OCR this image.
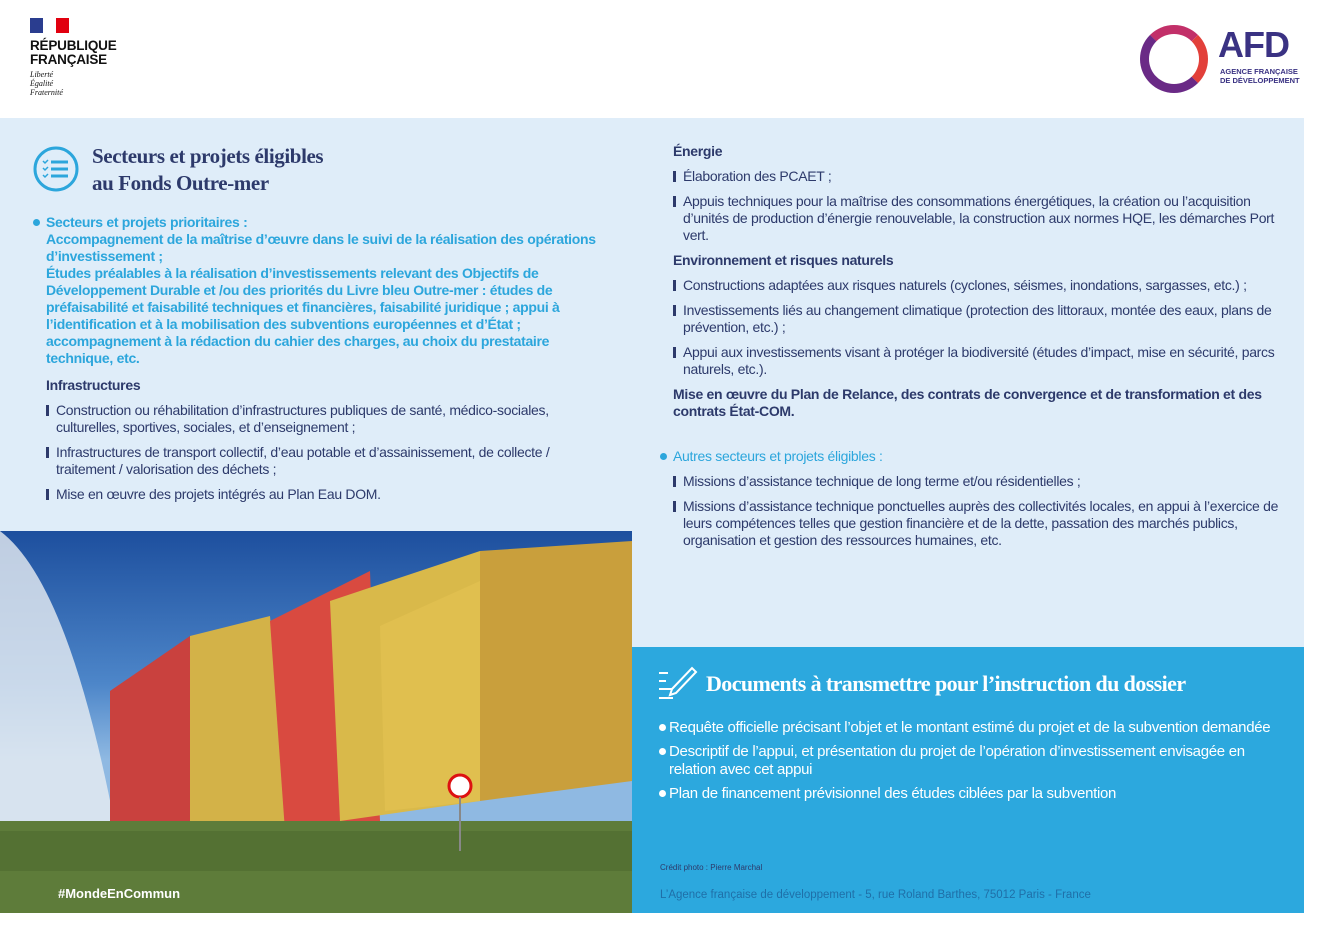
RÉPUBLIQUE
FRANÇAISE
Liberté
Égalité
Fraternité
AFD
AGENCE FRANÇAISE
DE DÉVELOPPEMENT
Secteurs et projets éligibles
au Fonds Outre-mer

Secteurs et projets prioritaires :

Accompagnement de la maîtrise d’œuvre dans le suivi de la réalisation des opérations d’investissement ;

Études préalables à la réalisation d’investissements relevant des Objectifs de Développement Durable et /ou des priorités du Livre bleu Outre-mer : études de préfaisabilité et faisabilité techniques et financières, faisabilité juridique ; appui à l’identification et à la mobilisation des subventions européennes et d’État ; accompagnement à la rédaction du cahier des charges, au choix du prestataire technique, etc.

Infrastructures

Construction ou réhabilitation d’infrastructures publiques de santé, médico-sociales, culturelles, sportives, sociales, et d’enseignement ;

Infrastructures de transport collectif, d’eau potable et d’assainissement, de collecte / traitement / valorisation des déchets ;

Mise en œuvre des projets intégrés au Plan Eau DOM.

#MondeEnCommun

Énergie

Élaboration des PCAET ;

Appuis techniques pour la maîtrise des consommations énergétiques, la création ou l’acquisition d’unités de production d’énergie renouvelable, la construction aux normes HQE, les démarches Port vert.

Environnement et risques naturels

Constructions adaptées aux risques naturels (cyclones, séismes, inondations, sargasses, etc.) ;

Investissements liés au changement climatique (protection des littoraux, montée des eaux, plans de prévention, etc.) ;

Appui aux investissements visant à protéger la biodiversité (études d’impact, mise en sécurité, parcs naturels, etc.).

Mise en œuvre du Plan de Relance, des contrats de convergence et de transformation et des contrats État-COM.

Autres secteurs et projets éligibles :

Missions d’assistance technique de long terme et/ou résidentielles ;

Missions d’assistance technique ponctuelles auprès des collectivités locales, en appui à l’exercice de leurs compétences telles que gestion financière et de la dette, passation des marchés publics, organisation et gestion des ressources humaines, etc.

Documents à transmettre pour l’instruction du dossier

Requête officielle précisant l’objet et le montant estimé du projet et de la subvention demandée

Descriptif de l’appui, et présentation du projet de l’opération d’investissement envisagée en relation avec cet appui

Plan de financement prévisionnel des études ciblées par la subvention

Crédit photo : Pierre Marchal
L’Agence française de développement - 5, rue Roland Barthes, 75012 Paris - France
